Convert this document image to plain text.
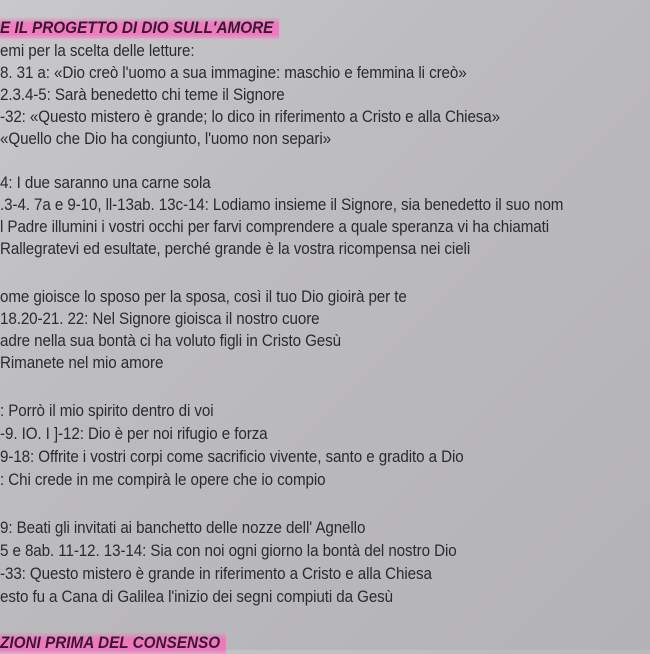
E IL PROGETTO DI DIO SULL'AMORE
emi per la scelta delle letture:
8. 31 a: «Dio creò l'uomo a sua immagine: maschio e femmina li creò»
2.3.4-5: Sarà benedetto chi teme il Signore
-32: «Questo mistero è grande; lo dico in riferimento a Cristo e alla Chiesa»
«Quello che Dio ha congiunto, l'uomo non separi»
4: I due saranno una carne sola
.3-4. 7a e 9-10, ll-13ab. 13c-14: Lodiamo insieme il Signore, sia benedetto il suo nom
l Padre illumini i vostri occhi per farvi comprendere a quale speranza vi ha chiamati
Rallegratevi ed esultate, perché grande è la vostra ricompensa nei cieli
ome gioisce lo sposo per la sposa, così il tuo Dio gioirà per te
18.20-21. 22: Nel Signore gioisca il nostro cuore
adre nella sua bontà ci ha voluto figli in Cristo Gesù
Rimanete nel mio amore
: Porrò il mio spirito dentro di voi
-9. IO. I ]-12: Dio è per noi rifugio e forza
9-18: Offrite i vostri corpi come sacrificio vivente, santo e gradito a Dio
: Chi crede in me compirà le opere che io compio
9: Beati gli invitati ai banchetto delle nozze dell' Agnello
5 e 8ab. 11-12. 13-14: Sia con noi ogni giorno la bontà del nostro Dio
-33: Questo mistero è grande in riferimento a Cristo e alla Chiesa
esto fu a Cana di Galilea l'inizio dei segni compiuti da Gesù
ZIONI PRIMA DEL CONSENSO
